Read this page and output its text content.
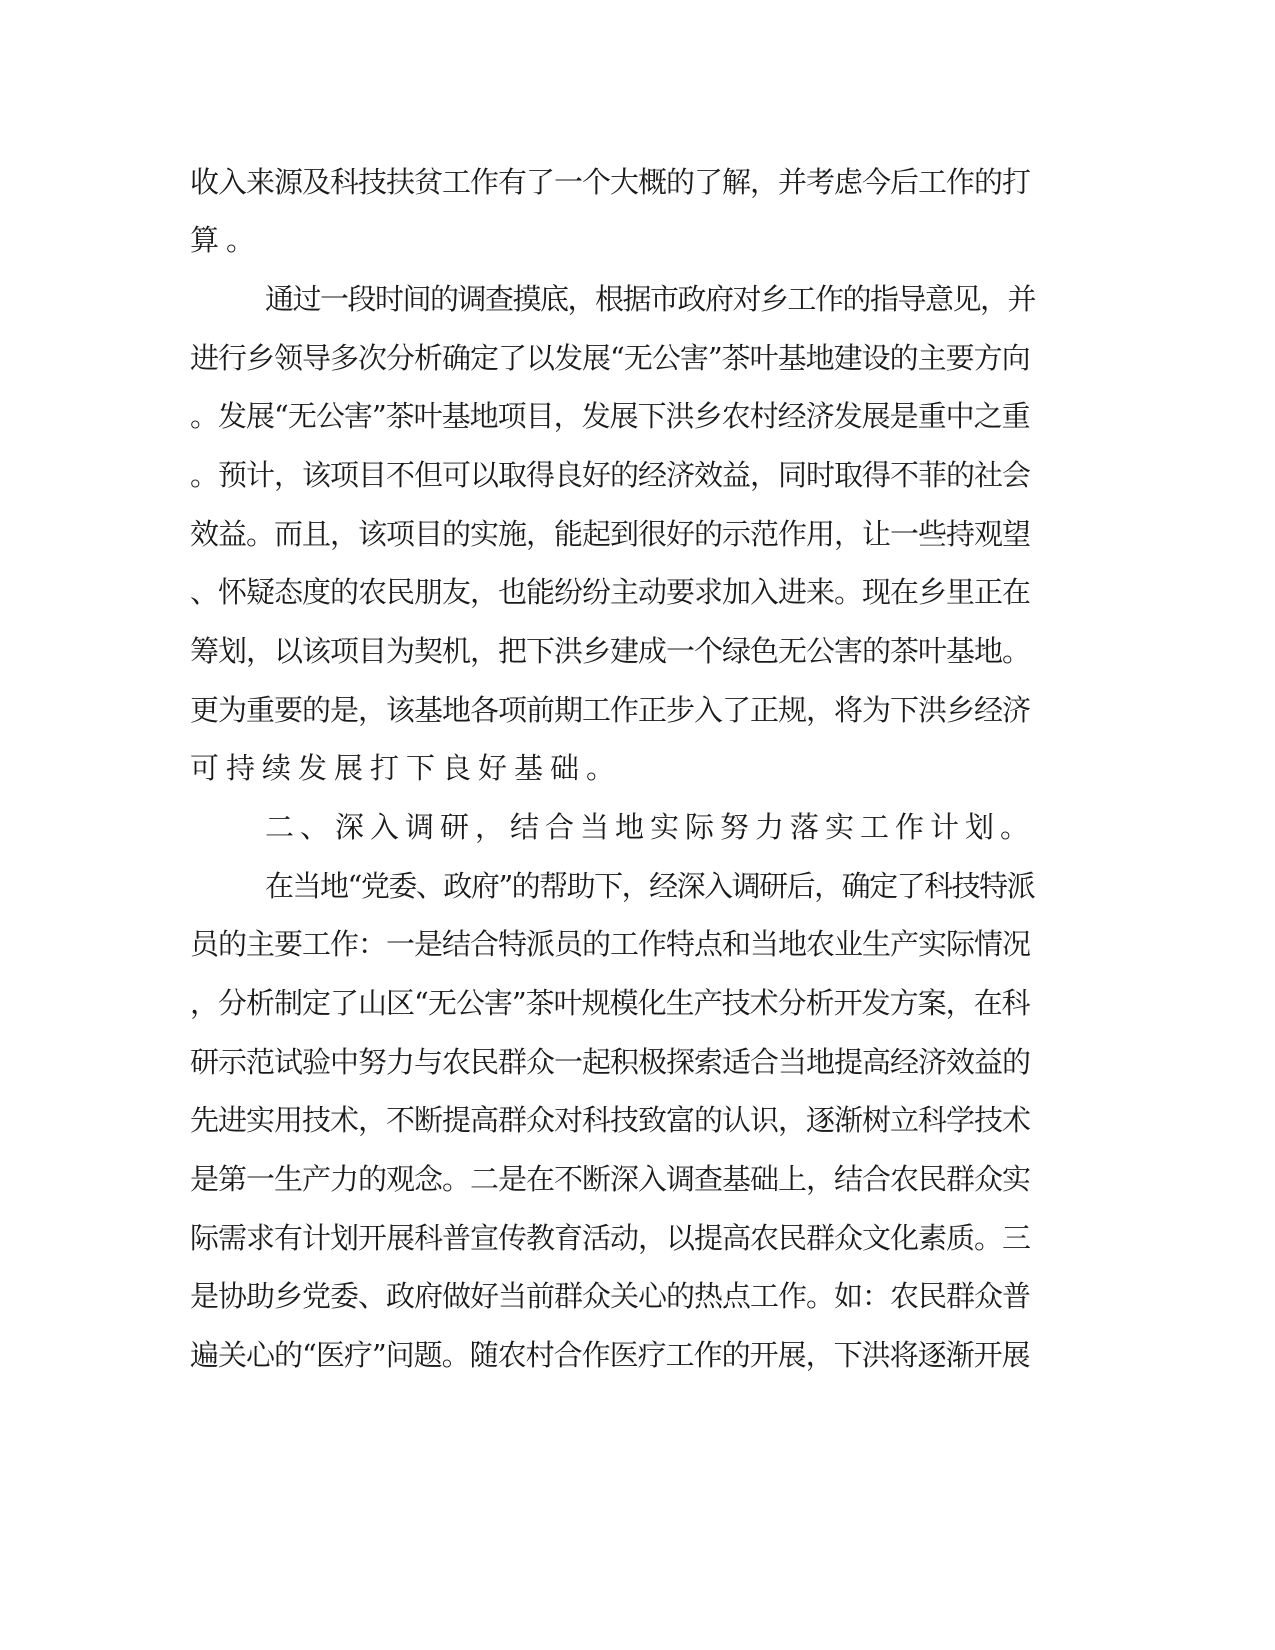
收入来源及科技扶贫工作有了一个大概的了解，并考虑今后工作的打
算。
通过一段时间的调查摸底，根据市政府对乡工作的指导意见，并
进行乡领导多次分析确定了以发展“无公害”茶叶基地建设的主要方向
。发展“无公害”茶叶基地项目，发展下洪乡农村经济发展是重中之重
。预计，该项目不但可以取得良好的经济效益，同时取得不菲的社会
效益。而且，该项目的实施，能起到很好的示范作用，让一些持观望
、怀疑态度的农民朋友，也能纷纷主动要求加入进来。现在乡里正在
筹划，以该项目为契机，把下洪乡建成一个绿色无公害的茶叶基地。
更为重要的是，该基地各项前期工作正步入了正规，将为下洪乡经济
可持续发展打下良好基础。
二、深入调研，结合当地实际努力落实工作计划。
在当地“党委、政府”的帮助下，经深入调研后，确定了科技特派
员的主要工作：一是结合特派员的工作特点和当地农业生产实际情况
，分析制定了山区“无公害”茶叶规模化生产技术分析开发方案，在科
研示范试验中努力与农民群众一起积极探索适合当地提高经济效益的
先进实用技术，不断提高群众对科技致富的认识，逐渐树立科学技术
是第一生产力的观念。二是在不断深入调查基础上，结合农民群众实
际需求有计划开展科普宣传教育活动，以提高农民群众文化素质。三
是协助乡党委、政府做好当前群众关心的热点工作。如：农民群众普
遍关心的“医疗”问题。随农村合作医疗工作的开展，下洪将逐渐开展
